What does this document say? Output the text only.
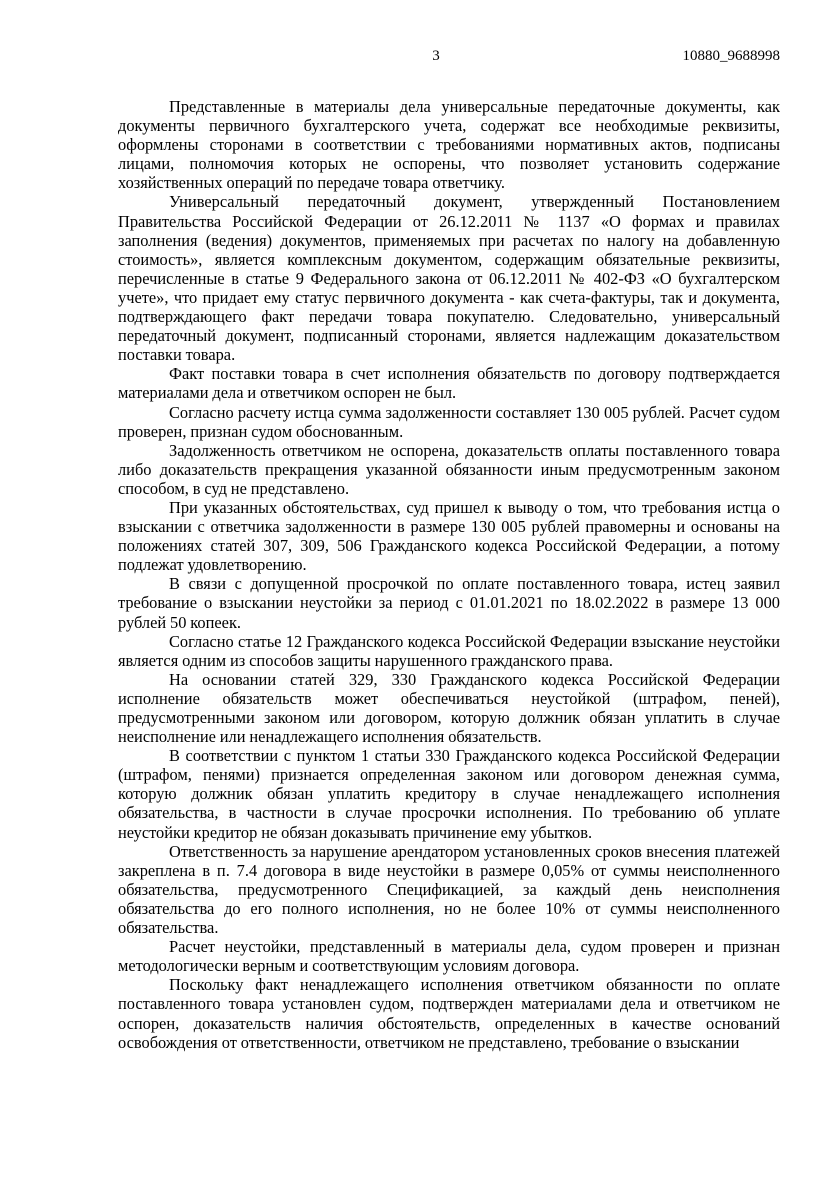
3	10880_9688998

Представленные в материалы дела универсальные передаточные документы, как документы первичного бухгалтерского учета, содержат все необходимые реквизиты, оформлены сторонами в соответствии с требованиями нормативных актов, подписаны лицами, полномочия которых не оспорены, что позволяет установить содержание хозяйственных операций по передаче товара ответчику.

Универсальный передаточный документ, утвержденный Постановлением Правительства Российской Федерации от 26.12.2011 № 1137 «О формах и правилах заполнения (ведения) документов, применяемых при расчетах по налогу на добавленную стоимость», является комплексным документом, содержащим обязательные реквизиты, перечисленные в статье 9 Федерального закона от 06.12.2011 № 402-ФЗ «О бухгалтерском учете», что придает ему статус первичного документа - как счета-фактуры, так и документа, подтверждающего факт передачи товара покупателю. Следовательно, универсальный передаточный документ, подписанный сторонами, является надлежащим доказательством поставки товара.

Факт поставки товара в счет исполнения обязательств по договору подтверждается материалами дела и ответчиком оспорен не был.

Согласно расчету истца сумма задолженности составляет 130 005 рублей. Расчет судом проверен, признан судом обоснованным.

Задолженность ответчиком не оспорена, доказательств оплаты поставленного товара либо доказательств прекращения указанной обязанности иным предусмотренным законом способом, в суд не представлено.

При указанных обстоятельствах, суд пришел к выводу о том, что требования истца о взыскании с ответчика задолженности в размере 130 005 рублей правомерны и основаны на положениях статей 307, 309, 506 Гражданского кодекса Российской Федерации, а потому подлежат удовлетворению.

В связи с допущенной просрочкой по оплате поставленного товара, истец заявил требование о взыскании неустойки за период с 01.01.2021 по 18.02.2022 в размере 13 000 рублей 50 копеек.

Согласно статье 12 Гражданского кодекса Российской Федерации взыскание неустойки является одним из способов защиты нарушенного гражданского права.

На основании статей 329, 330 Гражданского кодекса Российской Федерации исполнение обязательств может обеспечиваться неустойкой (штрафом, пеней), предусмотренными законом или договором, которую должник обязан уплатить в случае неисполнение или ненадлежащего исполнения обязательств.

В соответствии с пунктом 1 статьи 330 Гражданского кодекса Российской Федерации (штрафом, пенями) признается определенная законом или договором денежная сумма, которую должник обязан уплатить кредитору в случае ненадлежащего исполнения обязательства, в частности в случае просрочки исполнения. По требованию об уплате неустойки кредитор не обязан доказывать причинение ему убытков.

Ответственность за нарушение арендатором установленных сроков внесения платежей закреплена в п. 7.4 договора в виде неустойки в размере 0,05% от суммы неисполненного обязательства, предусмотренного Спецификацией, за каждый день неисполнения обязательства до его полного исполнения, но не более 10% от суммы неисполненного обязательства.

Расчет неустойки, представленный в материалы дела, судом проверен и признан методологически верным и соответствующим условиям договора.

Поскольку факт ненадлежащего исполнения ответчиком обязанности по оплате поставленного товара установлен судом, подтвержден материалами дела и ответчиком не оспорен, доказательств наличия обстоятельств, определенных в качестве оснований освобождения от ответственности, ответчиком не представлено, требование о взыскании
